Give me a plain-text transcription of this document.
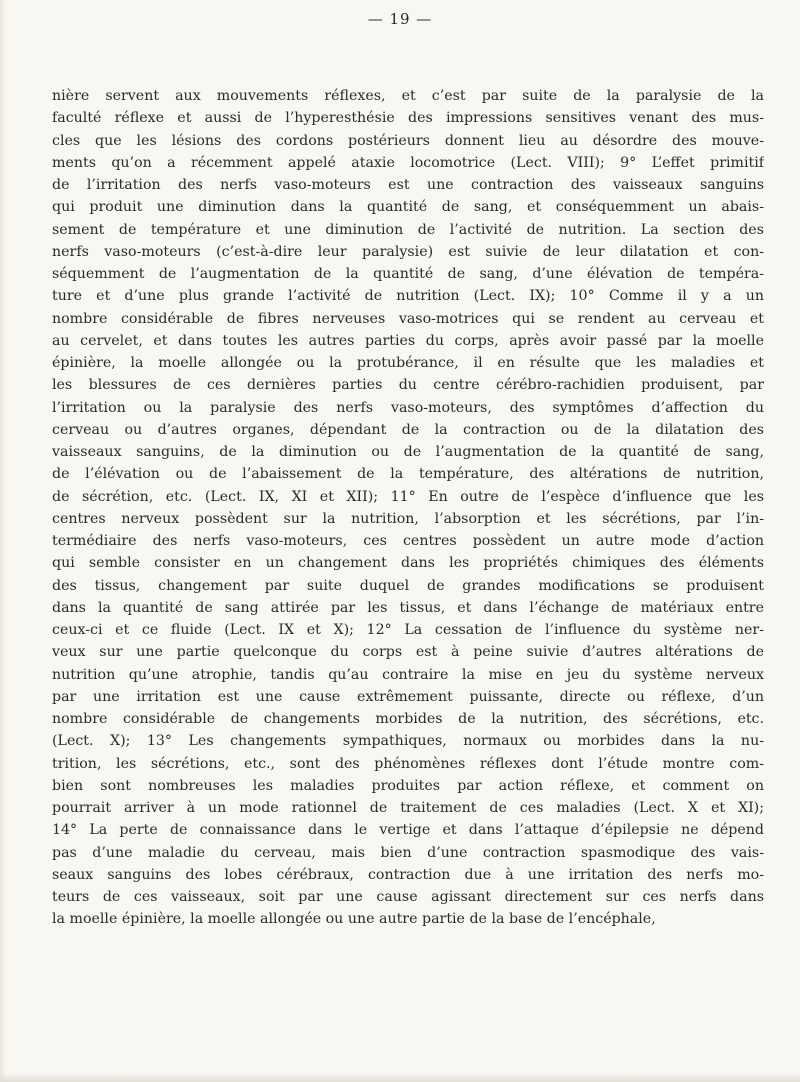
— 19 —
nière servent aux mouvements réflexes, et c’est par suite de la paralysie de la
faculté réflexe et aussi de l’hyperesthésie des impressions sensitives venant des mus-
cles que les lésions des cordons postérieurs donnent lieu au désordre des mouve-
ments qu’on a récemment appelé ataxie locomotrice (Lect. VIII); 9° L’effet primitif
de l’irritation des nerfs vaso-moteurs est une contraction des vaisseaux sanguins
qui produit une diminution dans la quantité de sang, et conséquemment un abais-
sement de température et une diminution de l’activité de nutrition. La section des
nerfs vaso-moteurs (c’est-à-dire leur paralysie) est suivie de leur dilatation et con-
séquemment de l’augmentation de la quantité de sang, d’une élévation de tempéra-
ture et d’une plus grande l’activité de nutrition (Lect. IX); 10° Comme il y a un
nombre considérable de fibres nerveuses vaso-motrices qui se rendent au cerveau et
au cervelet, et dans toutes les autres parties du corps, après avoir passé par la moelle
épinière, la moelle allongée ou la protubérance, il en résulte que les maladies et
les blessures de ces dernières parties du centre cérébro-rachidien produisent, par
l’irritation ou la paralysie des nerfs vaso-moteurs, des symptômes d’affection du
cerveau ou d’autres organes, dépendant de la contraction ou de la dilatation des
vaisseaux sanguins, de la diminution ou de l’augmentation de la quantité de sang,
de l’élévation ou de l’abaissement de la température, des altérations de nutrition,
de sécrétion, etc. (Lect. IX, XI et XII); 11° En outre de l’espèce d’influence que les
centres nerveux possèdent sur la nutrition, l’absorption et les sécrétions, par l’in-
termédiaire des nerfs vaso-moteurs, ces centres possèdent un autre mode d’action
qui semble consister en un changement dans les propriétés chimiques des éléments
des tissus, changement par suite duquel de grandes modifications se produisent
dans la quantité de sang attirée par les tissus, et dans l’échange de matériaux entre
ceux-ci et ce fluide (Lect. IX et X); 12° La cessation de l’influence du système ner-
veux sur une partie quelconque du corps est à peine suivie d’autres altérations de
nutrition qu’une atrophie, tandis qu’au contraire la mise en jeu du système nerveux
par une irritation est une cause extrêmement puissante, directe ou réflexe, d’un
nombre considérable de changements morbides de la nutrition, des sécrétions, etc.
(Lect. X); 13° Les changements sympathiques, normaux ou morbides dans la nu-
trition, les sécrétions, etc., sont des phénomènes réflexes dont l’étude montre com-
bien sont nombreuses les maladies produites par action réflexe, et comment on
pourrait arriver à un mode rationnel de traitement de ces maladies (Lect. X et XI);
14° La perte de connaissance dans le vertige et dans l’attaque d’épilepsie ne dépend
pas d’une maladie du cerveau, mais bien d’une contraction spasmodique des vais-
seaux sanguins des lobes cérébraux, contraction due à une irritation des nerfs mo-
teurs de ces vaisseaux, soit par une cause agissant directement sur ces nerfs dans
la moelle épinière, la moelle allongée ou une autre partie de la base de l’encéphale,
